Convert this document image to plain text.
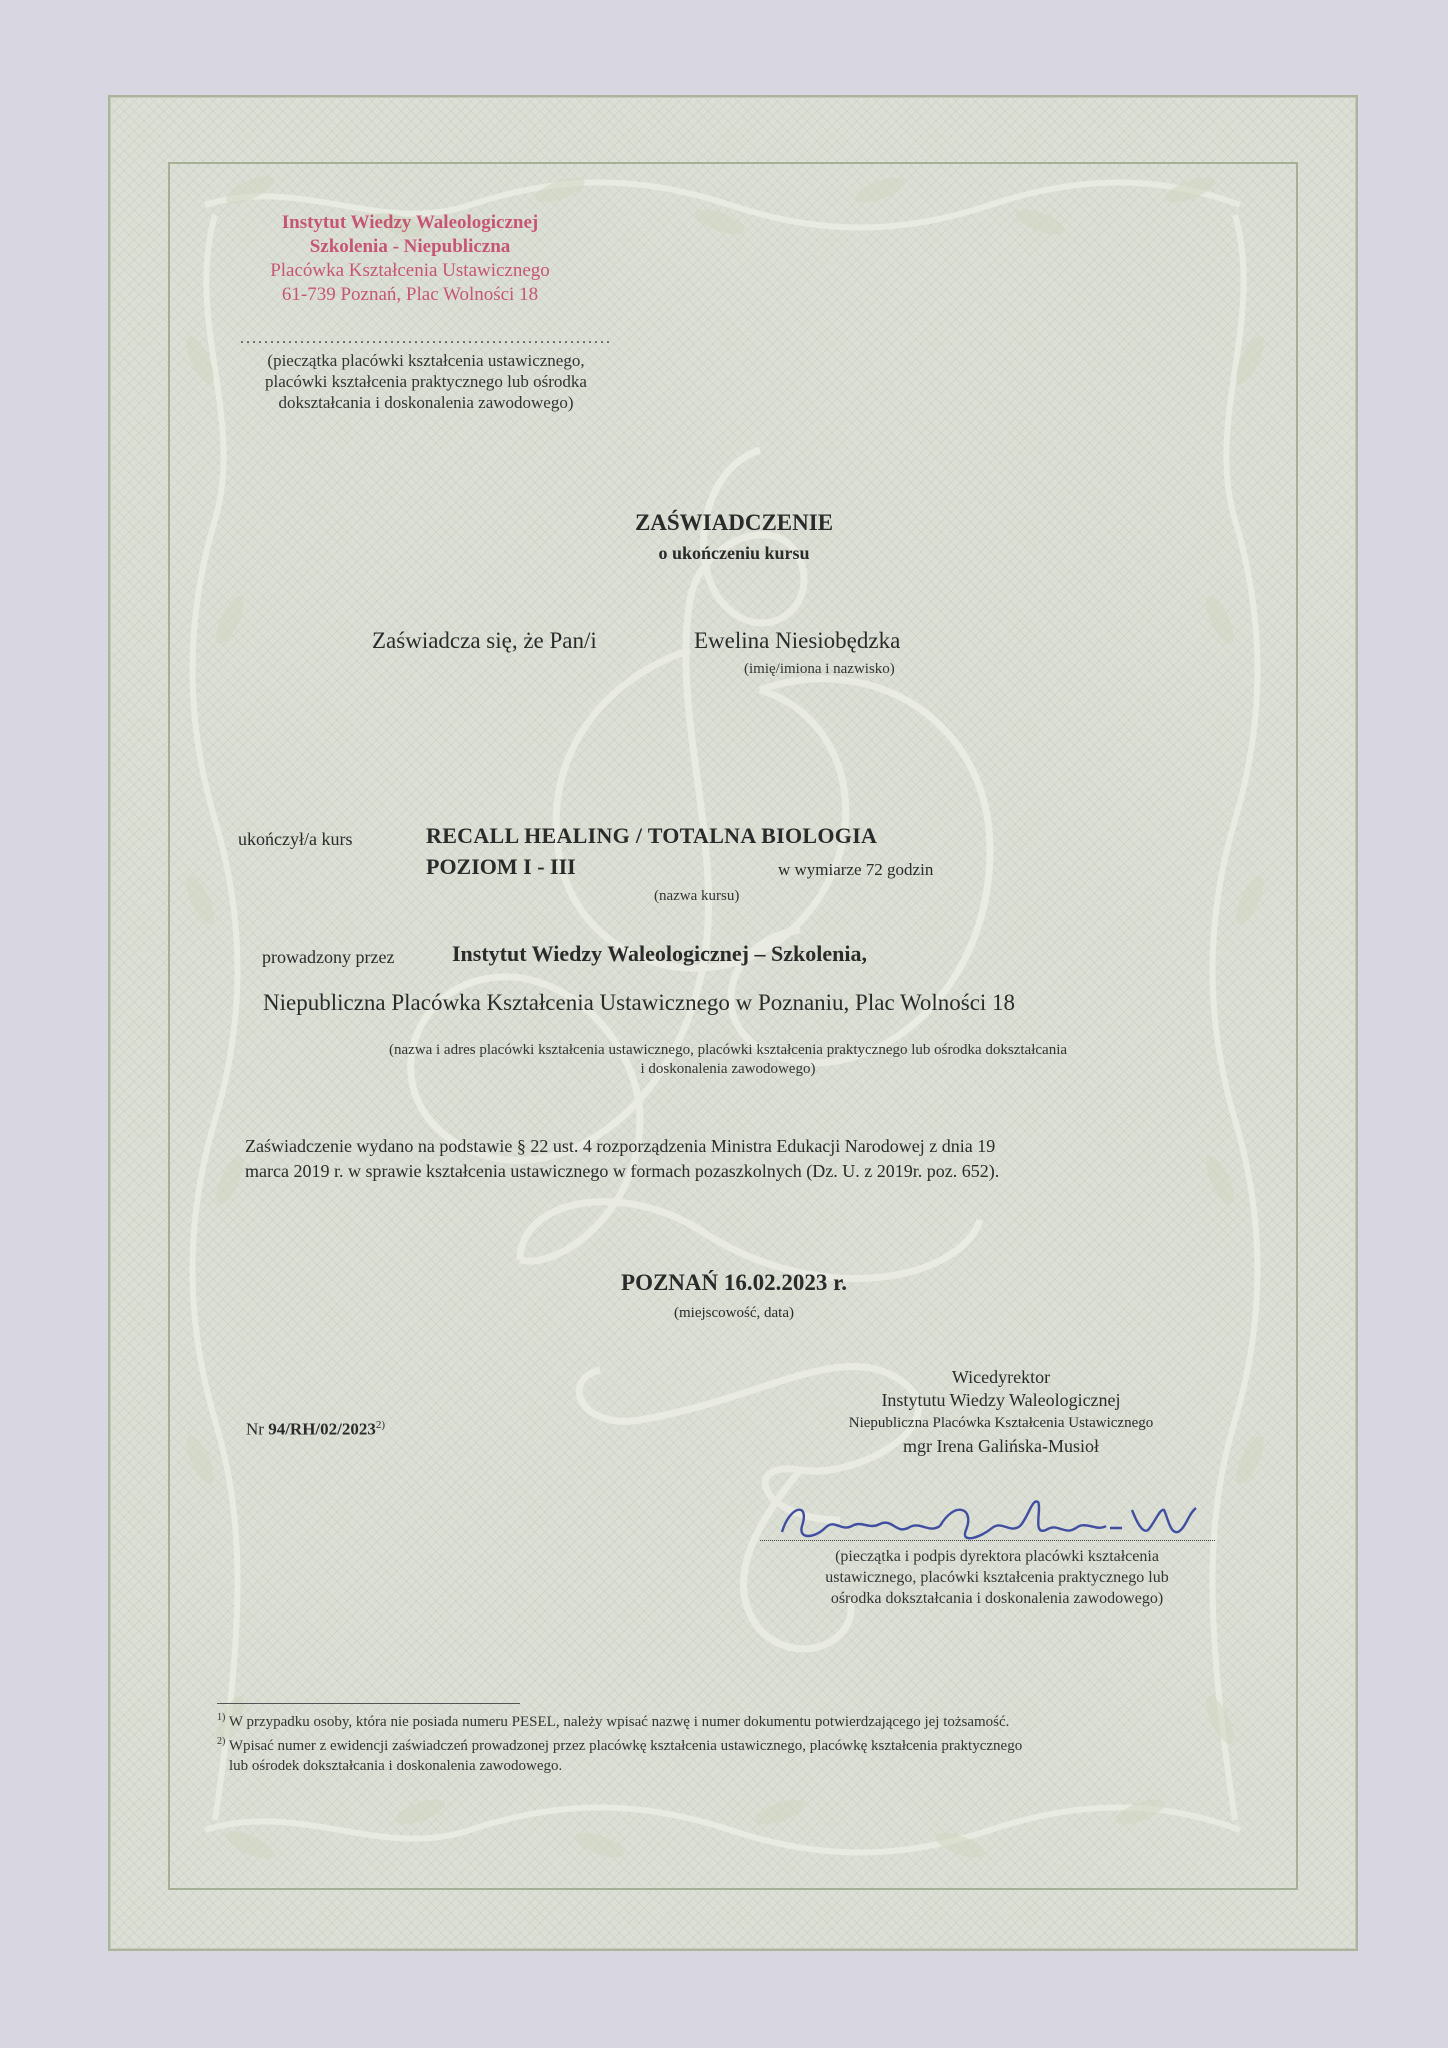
Instytut Wiedzy Waleologicznej
Szkolenia - Niepubliczna
Placówka Kształcenia Ustawicznego
61-739 Poznań, Plac Wolności 18
..............................................................
(pieczątka placówki kształcenia ustawicznego,
placówki kształcenia praktycznego lub ośrodka
dokształcania i doskonalenia zawodowego)
ZAŚWIADCZENIE
o ukończeniu kursu
Zaświadcza się, że Pan/i	Ewelina Niesiobędzka
(imię/imiona i nazwisko)
ukończył/a kurs	RECALL HEALING / TOTALNA BIOLOGIA
POZIOM I - III	w wymiarze 72 godzin
(nazwa kursu)
prowadzony przez	Instytut Wiedzy Waleologicznej – Szkolenia,
Niepubliczna Placówka Kształcenia Ustawicznego w Poznaniu, Plac Wolności 18
(nazwa i adres placówki kształcenia ustawicznego, placówki kształcenia praktycznego lub ośrodka dokształcania
i doskonalenia zawodowego)
Zaświadczenie wydano na podstawie § 22 ust. 4 rozporządzenia Ministra Edukacji Narodowej z dnia 19
marca 2019 r. w sprawie kształcenia ustawicznego w formach pozaszkolnych (Dz. U. z 2019r. poz. 652).
POZNAŃ 16.02.2023 r.
(miejscowość, data)
Nr 94/RH/02/2023$^{2)}$
Wicedyrektor
Instytutu Wiedzy Waleologicznej
Niepubliczna Placówka Kształcenia Ustawicznego
mgr Irena Galińska-Musioł
(pieczątka i podpis dyrektora placówki kształcenia
ustawicznego, placówki kształcenia praktycznego lub
ośrodka dokształcania i doskonalenia zawodowego)
$^{1)}$ W przypadku osoby, która nie posiada numeru PESEL, należy wpisać nazwę i numer dokumentu potwierdzającego jej tożsamość.
$^{2)}$ Wpisać numer z ewidencji zaświadczeń prowadzonej przez placówkę kształcenia ustawicznego, placówkę kształcenia praktycznego
lub ośrodek dokształcania i doskonalenia zawodowego.
